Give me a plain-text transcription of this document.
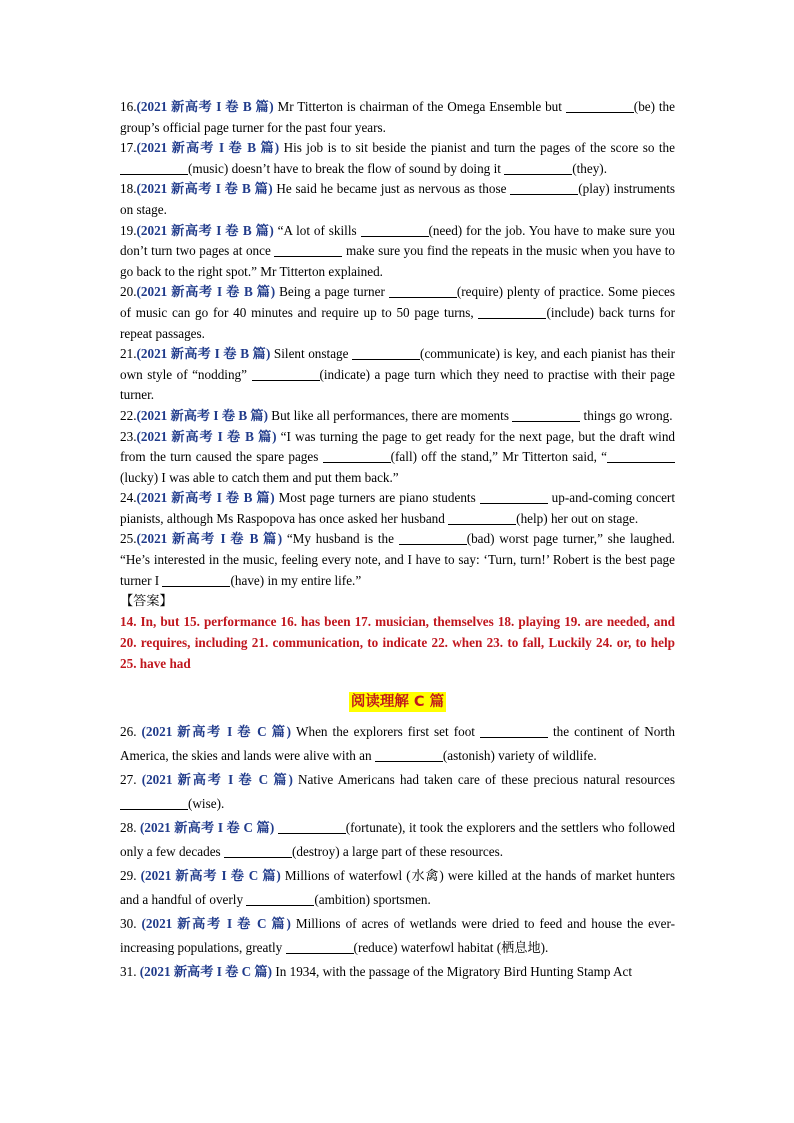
16.(2021 新高考 I 卷 B 篇) Mr Titterton is chairman of the Omega Ensemble but	(be) the group’s official page turner for the past four years.

17.(2021 新高考 I 卷 B 篇) His job is to sit beside the pianist and turn the pages of the score so the (music) doesn’t have to break the flow of sound by doing it	(they).

18.(2021 新高考 I 卷 B 篇) He said he became just as nervous as those	(play) instruments on stage.

19.(2021 新高考 I 卷 B 篇) “A lot of skills	(need) for the job. You have to make sure you don’t turn two pages at once	make sure you find the repeats in the music when you have to go back to the right spot.” Mr Titterton explained.

20.(2021 新高考 I 卷 B 篇) Being a page turner	(require) plenty of practice. Some pieces of music can go for 40 minutes and require up to 50 page turns,	(include) back turns for repeat passages.

21.(2021 新高考 I 卷 B 篇) Silent onstage	(communicate) is key, and each pianist has their own style of “nodding”	(indicate) a page turn which they need to practise with their page turner.

22.(2021 新高考 I 卷 B 篇) But like all performances, there are moments	things go wrong.

23.(2021 新高考 I 卷 B 篇) “I was turning the page to get ready for the next page, but the draft wind from the turn caused the spare pages	(fall) off the stand,” Mr Titterton said, “(lucky) I was able to catch them and put them back.”

24.(2021 新高考 I 卷 B 篇) Most page turners are piano students	up-and-coming concert pianists, although Ms Raspopova has once asked her husband	(help) her out on stage.

25.(2021 新高考 I 卷 B 篇) “My husband is the	(bad) worst page turner,” she laughed. “He’s interested in the music, feeling every note, and I have to say: ‘Turn, turn!’ Robert is the best page turner I	(have) in my entire life.”

【答案】

14. In, but 15. performance 16. has been 17. musician, themselves 18. playing 19. are needed, and 20. requires, including 21. communication, to indicate 22. when 23. to fall, Luckily 24. or, to help 25. have had

阅读理解 C 篇

26. (2021 新高考 I 卷 C 篇) When the explorers first set foot	the continent of North America, the skies and lands were alive with an	(astonish) variety of wildlife.

27. (2021 新高考 I 卷 C 篇) Native Americans had taken care of these precious natural resources (wise).

28. (2021 新高考 I 卷 C 篇)	(fortunate), it took the explorers and the settlers who followed only a few decades	(destroy) a large part of these resources.

29. (2021 新高考 I 卷 C 篇) Millions of waterfowl (水禽) were killed at the hands of market hunters and a handful of overly	(ambition) sportsmen.

30. (2021 新高考 I 卷 C 篇) Millions of acres of wetlands were dried to feed and house the ever-increasing populations, greatly	(reduce) waterfowl habitat (栖息地).

31. (2021 新高考 I 卷 C 篇) In 1934, with the passage of the Migratory Bird Hunting Stamp Act
